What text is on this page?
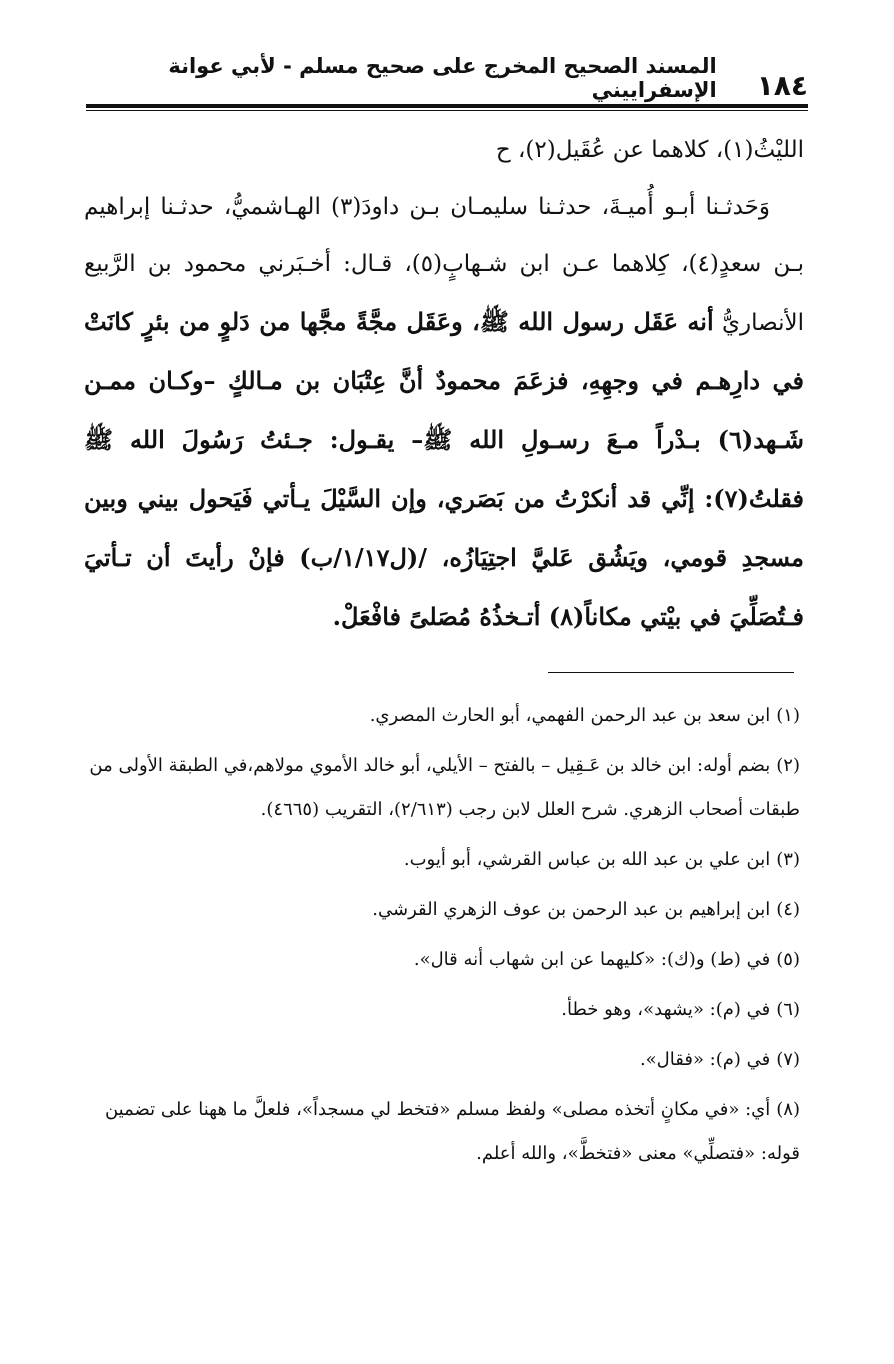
١٨٤
المسند الصحيح المخرج على صحيح مسلم - لأبي عوانة الإسفراييني

الليْثُ(١)، كلاهما عن عُقَيل(٢)، ح

وَحَدثـنا أبـو أُميـةَ، حدثـنا سليمـان بـن داودَ(٣) الهـاشميُّ، حدثـنا إبراهيم بـن سعدٍ(٤)، كِلاهما عـن ابن شـهابٍ(٥)، قـال: أخـبَرني محمود بن الرَّبيع الأنصاريُّ أنه عَقَل رسول الله ﷺ، وعَقَل مجَّةً مجَّها من دَلوٍ من بئرٍ كانَتْ في دارِهـم في وجهِهِ، فزعَمَ محمودٌ أنَّ عِتْبَان بن مـالكٍ –وكـان ممـن شَـهد(٦) بـدْراً مـعَ رسـولِ الله ﷺ– يقـول: جـئتُ رَسُولَ الله ﷺ فقلتُ(٧): إنِّي قد أنكرْتُ من بَصَري، وإن السَّيْلَ يـأتي فَيَحول بيني وبين مسجدِ قومي، ويَشُق عَليَّ اجتِيَازُه، /(ل١/١٧/ب) فإنْ رأيتَ أن تـأتيَ فـتُصَلِّيَ في بيْتي مكاناً(٨) أتـخذُهُ مُصَلىً فافْعَلْ.

(١)ابن سعد بن عبد الرحمن الفهمي، أبو الحارث المصري.

(٢)بضم أوله: ابن خالد بن عَـقِيل – بالفتح – الأيلي، أبو خالد الأموي مولاهم،في الطبقة الأولى من طبقات أصحاب الزهري. شرح العلل لابن رجب (٢/٦١٣)، التقريب (٤٦٦٥).

(٣)ابن علي بن عبد الله بن عباس القرشي، أبو أيوب.

(٤)ابن إبراهيم بن عبد الرحمن بن عوف الزهري القرشي.

(٥)في (ط) و(ك): «كليهما عن ابن شهاب أنه قال».

(٦)في (م): «يشهد»، وهو خطأ.

(٧)في (م): «فقال».

(٨)أي: «في مكانٍ أتخذه مصلى» ولفظ مسلم «فتخط لي مسجداً»، فلعلَّ ما ههنا على تضمين قوله: «فتصلِّي» معنى «فتخطَّ»، والله أعلم.
